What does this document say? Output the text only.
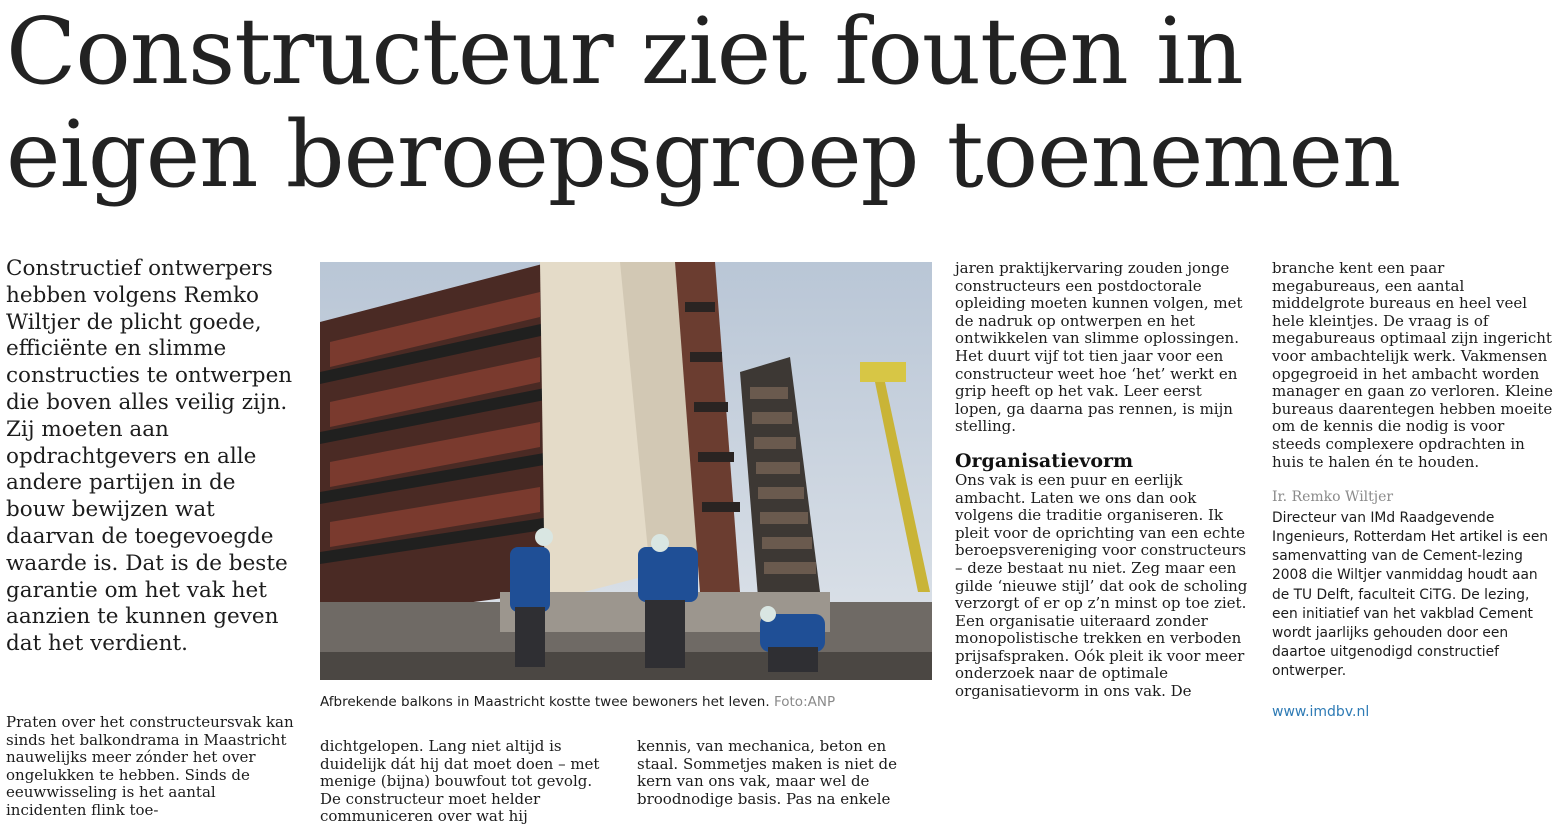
Constructeur ziet fouten in
eigen beroepsgroep toenemen
Constructief ontwerpers hebben volgens Remko Wiltjer de plicht goede, efficiënte en slimme constructies te ontwerpen die boven alles veilig zijn. Zij moeten aan opdrachtgevers en alle andere partijen in de bouw bewijzen wat daarvan de toegevoegde waarde is. Dat is de beste garantie om het vak het aanzien te kunnen geven dat het verdient.

Praten over het constructeursvak kan sinds het balkondrama in Maastricht nauwelijks meer zónder het over ongelukken te hebben. Sinds de eeuwwisseling is het aantal incidenten flink toe-

Afbrekende balkons in Maastricht kostte twee bewoners het leven. Foto:ANP

dichtgelopen. Lang niet altijd is duidelijk dát hij dat moet doen – met menige (bijna) bouwfout tot gevolg. De constructeur moet helder communiceren over wat hij

kennis, van mechanica, beton en staal. Sommetjes maken is niet de kern van ons vak, maar wel de broodnodige basis. Pas na enkele

jaren praktijkervaring zouden jonge constructeurs een postdoctorale opleiding moeten kunnen volgen, met de nadruk op ontwerpen en het ontwikkelen van slimme oplossingen. Het duurt vijf tot tien jaar voor een constructeur weet hoe ‘het’ werkt en grip heeft op het vak. Leer eerst lopen, ga daarna pas rennen, is mijn stelling.

Organisatievorm

Ons vak is een puur en eerlijk ambacht. Laten we ons dan ook volgens die traditie organiseren. Ik pleit voor de oprichting van een echte beroepsvereniging voor constructeurs – deze bestaat nu niet. Zeg maar een gilde ‘nieuwe stijl’ dat ook de scholing verzorgt of er op z’n minst op toe ziet. Een organisatie uiteraard zonder monopolistische trekken en verboden prijsafspraken. Oók pleit ik voor meer onderzoek naar de optimale organisatievorm in ons vak. De

branche kent een paar megabureaus, een aantal middelgrote bureaus en heel veel hele kleintjes. De vraag is of megabureaus optimaal zijn ingericht voor ambachtelijk werk. Vakmensen opgegroeid in het ambacht worden manager en gaan zo verloren. Kleine bureaus daarentegen hebben moeite om de kennis die nodig is voor steeds complexere opdrachten in huis te halen én te houden.

Ir. Remko Wiltjer
Directeur van IMd Raadgevende Ingenieurs, Rotterdam Het artikel is een samenvatting van de Cement-lezing 2008 die Wiltjer vanmiddag houdt aan de TU Delft, faculteit CiTG. De lezing, een initiatief van het vakblad Cement wordt jaarlijks gehouden door een daartoe uitgenodigd constructief ontwerper.
www.imdbv.nl
